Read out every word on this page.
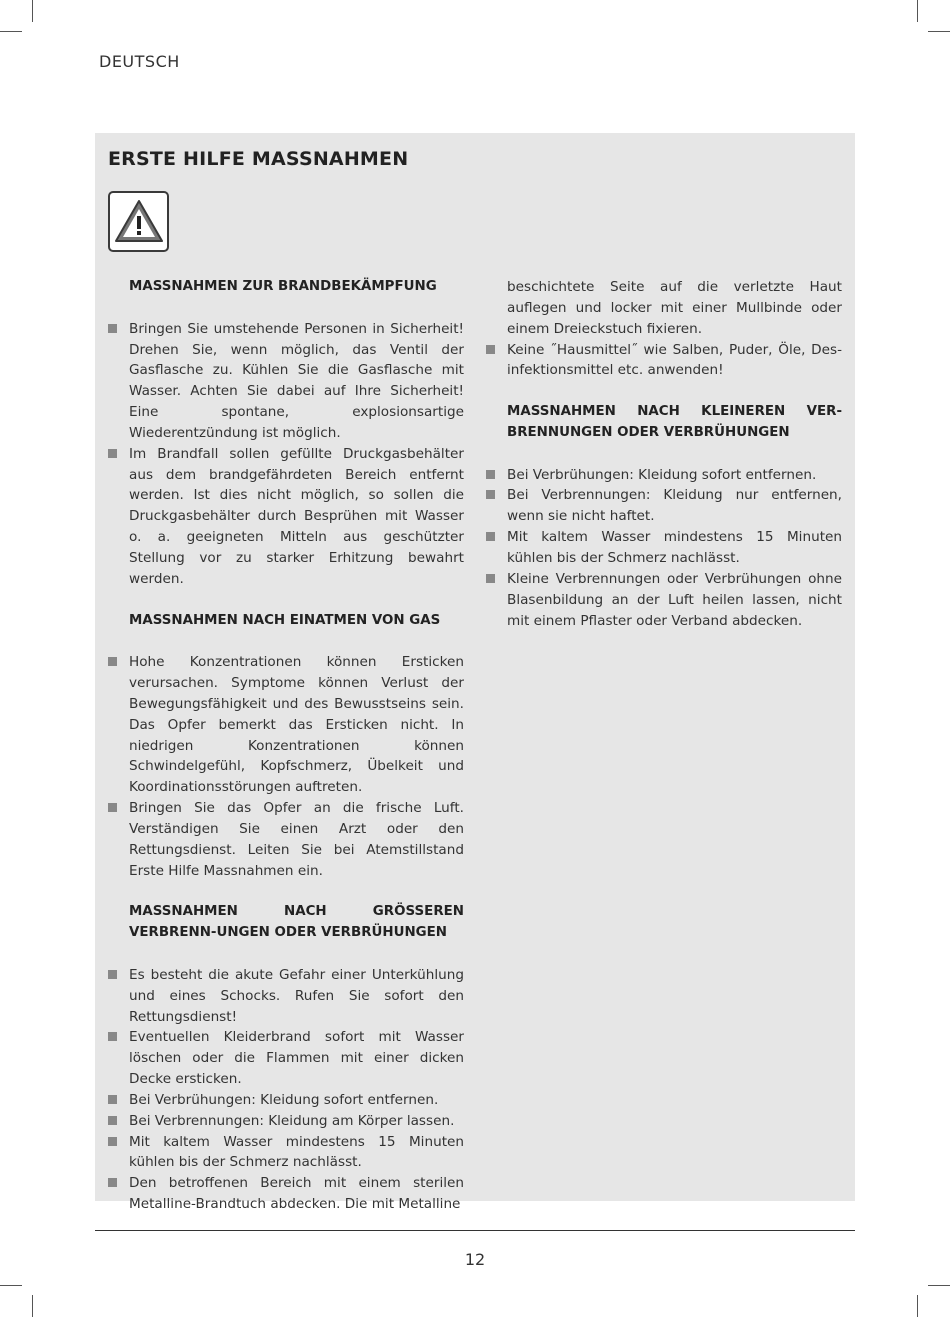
DEUTSCH
ERSTE HILFE MASSNAHMEN

MASSNAHMEN ZUR BRANDBEKÄMPFUNG

Bringen Sie umstehende Personen in Sicherheit! Drehen Sie, wenn möglich, das Ventil der Gasflasche zu. Kühlen Sie die Gasflasche mit Wasser. Achten Sie dabei auf Ihre Sicherheit! Eine spontane, explosionsartige Wiederentzündung ist möglich.
Im Brandfall sollen gefüllte Druckgasbehälter aus dem brandgefährdeten Bereich entfernt werden. Ist dies nicht möglich, so sollen die Druckgasbehälter durch Besprühen mit Wasser o. a. geeigneten Mitteln aus geschützter Stellung vor zu starker Erhitzung bewahrt werden.

MASSNAHMEN NACH EINATMEN VON GAS

Hohe Konzentrationen können Ersticken verursachen. Symptome können Verlust der Bewegungsfähigkeit und des Bewusstseins sein. Das Opfer bemerkt das Ersticken nicht. In niedrigen Konzentrationen können Schwindelgefühl, Kopfschmerz, Übelkeit und Koordinationsstörungen auftreten.
Bringen Sie das Opfer an die frische Luft. Verständigen Sie einen Arzt oder den Rettungsdienst. Leiten Sie bei Atemstillstand Erste Hilfe Massnahmen ein.

MASSNAHMEN NACH GRÖSSEREN VERBRENN-UNGEN ODER VERBRÜHUNGEN

Es besteht die akute Gefahr einer Unterkühlung und eines Schocks. Rufen Sie sofort den Rettungsdienst!
Eventuellen Kleiderbrand sofort mit Wasser löschen oder die Flammen mit einer dicken Decke ersticken.
Bei Verbrühungen: Kleidung sofort entfernen.
Bei Verbrennungen: Kleidung am Körper lassen.
Mit kaltem Wasser mindestens 15 Minuten kühlen bis der Schmerz nachlässt.
Den betroffenen Bereich mit einem sterilen Metalline-Brandtuch abdecken. Die mit Metalline

beschichtete Seite auf die verletzte Haut auflegen und locker mit einer Mullbinde oder einem Dreieckstuch fixieren.

Keine ˝Hausmittel˝ wie Salben, Puder, Öle, Des-infektionsmittel etc. anwenden!

MASSNAHMEN NACH KLEINEREN VER-BRENNUNGEN ODER VERBRÜHUNGEN

Bei Verbrühungen: Kleidung sofort entfernen.
Bei Verbrennungen: Kleidung nur entfernen, wenn sie nicht haftet.
Mit kaltem Wasser mindestens 15 Minuten kühlen bis der Schmerz nachlässt.
Kleine Verbrennungen oder Verbrühungen ohne Blasenbildung an der Luft heilen lassen, nicht mit einem Pflaster oder Verband abdecken.
12
